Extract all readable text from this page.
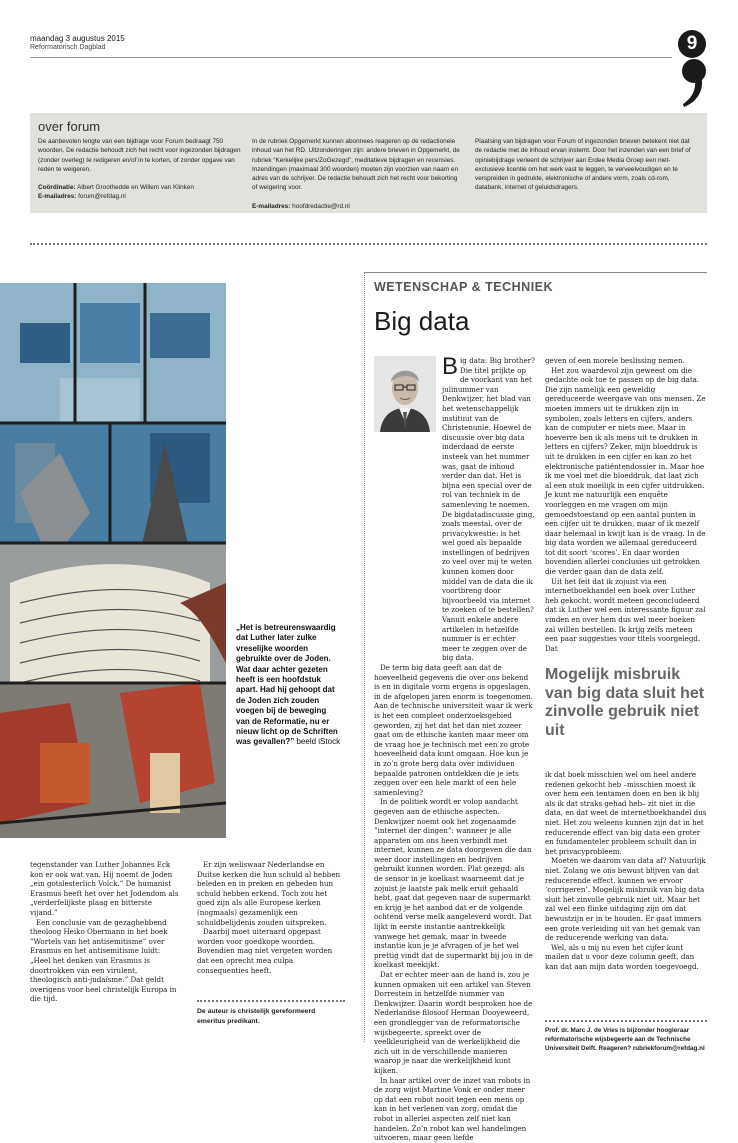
maandag 3 augustus 2015
Reformatorisch Dagblad	9
over forum

De aanbevolen lengte van een bijdrage voor Forum bedraagt 750 woorden. De redactie behoudt zich het recht voor ingezonden bijdragen (zonder overleg) te redigeren en/of in te korten, of zonder opgave van reden te weigeren.

Coördinatie: Albert Groothedde en Willem van Klinken
E-mailadres: forum@refdag.nl

In de rubriek Opgemerkt kunnen abonnees reageren op de redactionele inhoud van het RD. Uitzonderingen zijn: andere brieven in Opgemerkt, de rubriek “Kerkelijke pers/ZoGezegd”, meditatieve bijdragen en recensies. Inzendingen (maximaal 300 woorden) moeten zijn voorzien van naam en adres van de schrijver. De redactie behoudt zich het recht voor bekorting of weigering voor.

E-mailadres: hoofdredactie@rd.nl

Plaatsing van bijdragen voor Forum of ingezonden brieven betekent niet dat de redactie met de inhoud ervan instemt. Door het inzenden van een brief of opiniebijdrage verleent de schrijver aan Erdee Media Groep een niet-exclusieve licentie om het werk vast te leggen, te verveelvoudigen en te verspreiden in gedrukte, elektronische of andere vorm, zoals cd-rom, databank, internet of geluidsdragers.

„Het is betreurenswaardig dat Luther later zulke vreselijke woorden gebruikte over de Joden. Wat daar achter gezeten heeft is een hoofdstuk apart. Had hij gehoopt dat de Joden zich zouden voegen bij de beweging van de Reformatie, nu er nieuw licht op de Schriften was gevallen?” beeld iStock

tegenstander van Luther Johannes Eck kon er ook wat van. Hij noemt de Joden „ein gotslesterlich Volck.” De humanist Erasmus heeft het over het Jodendom als „verderfelijkste plaag en bitterste vijand.”

Een conclusie van de gezaghebbend theoloog Heiko Obermann in het boek ”Wortels van het antisemitisme” over Erasmus en het antisemitisme luidt: „Heel het denken van Erasmus is doortrokken van een virulent, theologisch anti-judaïsme.” Dat geldt overigens voor heel christelijk Europa in die tijd.

Er zijn weliswaar Nederlandse en Duitse kerken die hun schuld al hebben beleden en in preken en gebeden hun schuld hebben erkend. Toch zou het goed zijn als alle Europese kerken (nogmaals) gezamenlijk een schuldbelijdenis zouden uitspreken.

Daarbij moet uiteraard opgepast worden voor goedkope woorden. Bovendien mag niet vergeten worden dat een oprecht mea culpa consequenties heeft.

De auteur is christelijk gereformeerd emeritus predikant.
WETENSCHAP & TECHNIEK
Big data

B ig data: Big brother? Die titel prijkte op de voorkant van het julinummer van Denkwijzer, het blad van het wetenschappelijk instituut van de Christenunie. Hoewel de discussie over big data inderdaad de eerste insteek van het nummer was, gaat de inhoud verder dan dat. Het is bijna een special over de rol van techniek in de samenleving te noemen. De bigdatadiscussie ging, zoals meestal, over de privacykwestie: is het wel goed als bepaalde instellingen of bedrijven zo veel over mij te weten kunnen komen door middel van de data die ik voortbreng door bijvoorbeeld via internet te zoeken of te bestellen? Vanuit enkele andere artikelen in hetzelfde nummer is er echter meer te zeggen over de big data.

De term big data geeft aan dat de hoeveelheid gegevens die over ons bekend is en in digitale vorm ergens is opgeslagen, in de afgelopen jaren enorm is toegenomen. Aan de technische universiteit waar ik werk is het een compleet onderzoeksgebied geworden, zij het dat het dan niet zozeer gaat om de ethische kanten maar meer om de vraag hoe je technisch met een zo grote hoeveelheid data kunt omgaan. Hoe kun je in zo’n grote berg data over individuen bepaalde patronen ontdekken die je iets zeggen over een hele markt of een hele samenleving?

In de politiek wordt er volop aandacht gegeven aan de ethische aspecten. Denkwijzer noemt ook het zogenaamde ”internet der dingen”: wanneer je alle apparaten om ons heen verbindt met internet, kunnen ze data doorgeven die dan weer door instellingen en bedrijven gebruikt kunnen worden. Plat gezegd: als de sensor in je koelkast waarneemt dat je zojuist je laatste pak melk eruit gehaald hebt, gaat dat gegeven naar de supermarkt en krijg je het aanbod dat er de volgende ochtend verse melk aangeleverd wordt. Dat lijkt in eerste instantie aantrekkelijk vanwege het gemak, maar in tweede instantie kun je je afvragen of je het wel prettig vindt dat de supermarkt bij jou in de koelkast meekijkt.

Dat er echter meer aan de hand is, zou je kunnen opmaken uit een artikel van Steven Dorrestein in hetzelfde nummer van Denkwijzer. Daarin wordt besproken hoe de Nederlandse filosoof Herman Dooyeweerd, een grondlegger van de reformatorische wijsbegeerte, spreekt over de veelkleurigheid van de werkelijkheid die zich uit in de verschillende manieren waarop je naar die werkelijkheid kunt kijken.

In haar artikel over de inzet van robots in de zorg wijst Martine Vonk er onder meer op dat een robot nooit tegen een mens op kan in het verlenen van zorg, omdat die robot in allerlei aspecten zelf niet kan handelen. Zo’n robot kan wel handelingen uitvoeren, maar geen liefde

geven of een morele beslissing nemen.

Het zou waardevol zijn geweest om die gedachte ook toe te passen op de big data. Die zijn namelijk een geweldig gereduceerde weergave van ons mensen. Ze moeten immers uit te drukken zijn in symbolen, zoals letters en cijfers, anders kan de computer er niets mee. Maar in hoeverre ben ik als mens uit te drukken in letters en cijfers? Zeker, mijn bloeddruk is uit te drukken in een cijfer en kan zo het elektronische patiëntendossier in. Maar hoe ik me voel met die bloeddruk, dat laat zich al een stuk moeilijk in een cijfer uitdrukken. Je kunt me natuurlijk een enquête voorleggen en me vragen om mijn gemoedstoestand op een aantal punten in een cijfer uit te drukken, maar of ik mezelf daar helemaal in kwijt kan is de vraag. In de big data worden we allemaal gereduceerd tot dit soort ‘scores’. En daar worden bovendien allerlei conclusies uit getrokken die verder gaan dan de data zelf.

Uit het feit dat ik zojuist via een internetboekhandel een boek over Luther heb gekocht, wordt meteen geconcludeerd dat ik Luther wel een interessante figuur zal vinden en over hem dus wel meer boeken zal willen bestellen. Ik krijg zelfs meteen een paar suggesties voor titels voorgelegd. Dat

Mogelijk misbruik van big data sluit het zinvolle gebruik niet uit

ik dat boek misschien wel om heel andere redenen gekocht heb –misschien moest ik over hem een tentamen doen en ben ik blij als ik dat straks gehad heb– zit niet in die data, en dat weet de internetboekhandel dus niet. Het zou weleens kunnen zijn dat in het reducerende effect van big data een groter en fundamenteler probleem schuilt dan in het privacyprobleem.

Moeten we daarom van data af? Natuurlijk niet. Zolang we ons bewust blijven van dat reducerende effect, kunnen we ervoor ‘corrigeren’. Mogelijk misbruik van big data sluit het zinvolle gebruik niet uit. Maar het zal wel een flinke uitdaging zijn om dat bewustzijn er in te houden. Er gaat immers een grote verleiding uit van het gemak van de reducerende werking van data.

Wel, als u mij nu even het cijfer kunt mailen dat u voor deze column geeft, dan kan dat aan mijn data worden toegevoegd.

Prof. dr. Marc J. de Vries is bijzonder hoogleraar reformatorische wijsbegeerte aan de Technische Universiteit Delft. Reageren? rubriekforum@refdag.nl
